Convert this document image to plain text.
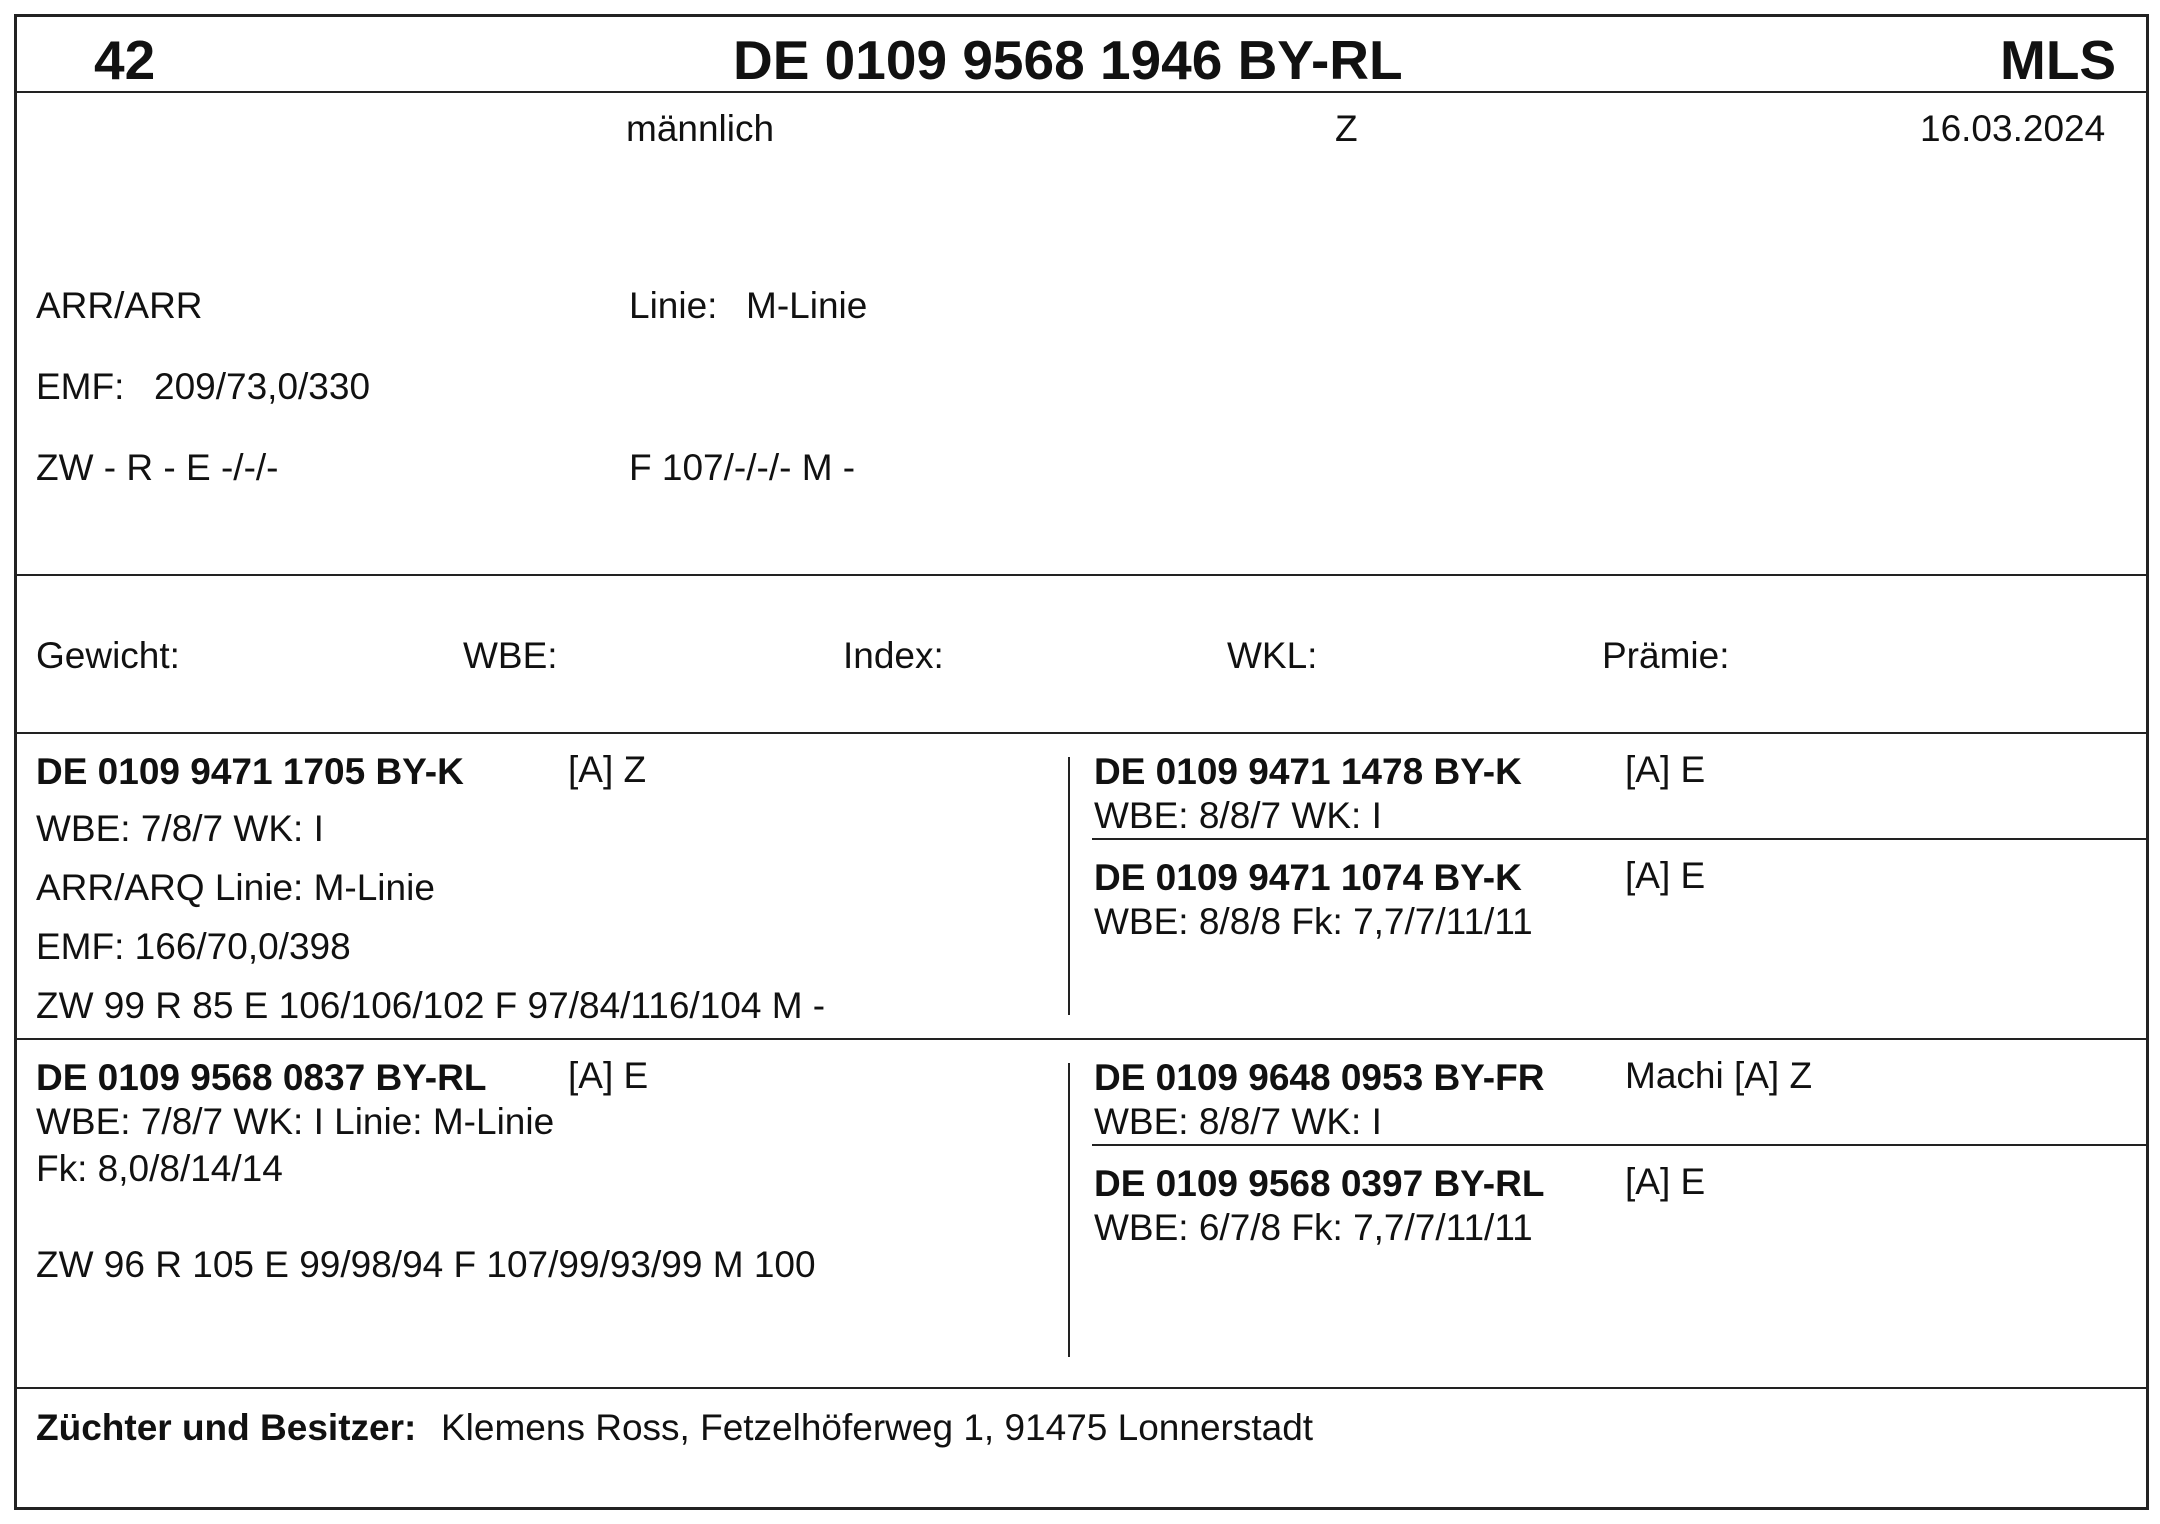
42	DE 0109 9568 1946 BY-RL	MLS
männlich	Z	16.03.2024
ARR/ARR	Linie: M-Linie
EMF: 209/73,0/330
ZW - R - E -/-/-	F 107/-/-/- M -
Gewicht:	WBE:	Index:	WKL:	Prämie:
DE 0109 9471 1705 BY-K	[A] Z
WBE: 7/8/7 WK: I
ARR/ARQ Linie: M-Linie
EMF: 166/70,0/398
ZW 99 R 85 E 106/106/102 F 97/84/116/104 M -
DE 0109 9471 1478 BY-K	[A] E
WBE: 8/8/7 WK: I
DE 0109 9471 1074 BY-K	[A] E
WBE: 8/8/8 Fk: 7,7/7/11/11
DE 0109 9568 0837 BY-RL [A] E
WBE: 7/8/7 WK: I Linie: M-Linie
Fk: 8,0/8/14/14
ZW 96 R 105 E 99/98/94 F 107/99/93/99 M 100
DE 0109 9648 0953 BY-FR Machi [A] Z
WBE: 8/8/7 WK: I
DE 0109 9568 0397 BY-RL [A] E
WBE: 6/7/8 Fk: 7,7/7/11/11
Züchter und Besitzer: Klemens Ross, Fetzelhöferweg 1, 91475 Lonnerstadt
